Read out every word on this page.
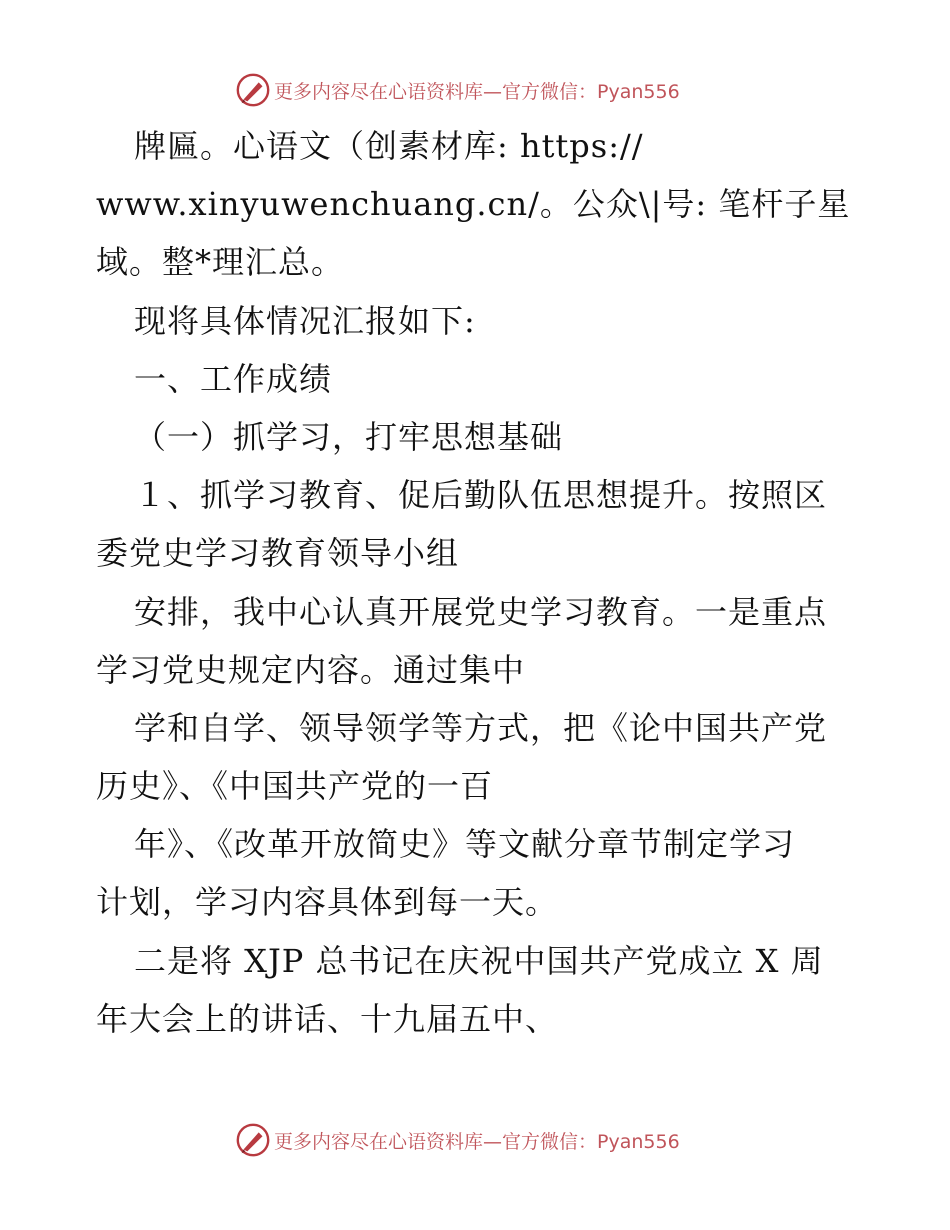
更多内容尽在心语资料库—官方微信：Pyan556
牌匾。心语文（创素材库: https://
www.xinyuwenchuang.cn/。公众\|号: 笔杆子星
域。整*理汇总。
现将具体情况汇报如下:
一、工作成绩
（一）抓学习，打牢思想基础
１、抓学习教育、促后勤队伍思想提升。按照区
委党史学习教育领导小组
安排，我中心认真开展党史学习教育。一是重点
学习党史规定内容。通过集中
学和自学、领导领学等方式，把《论中国共产党
历史》、《中国共产党的一百
年》、《改革开放简史》等文献分章节制定学习
计划，学习内容具体到每一天。
二是将 XJP 总书记在庆祝中国共产党成立 X 周
年大会上的讲话、十九届五中、
更多内容尽在心语资料库—官方微信：Pyan556
